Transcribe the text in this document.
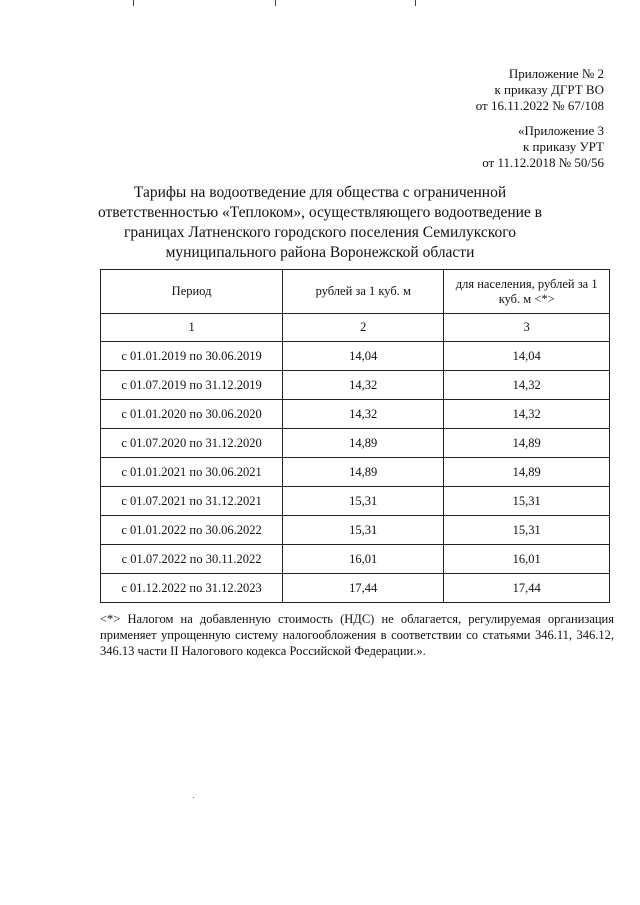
Приложение № 2
к приказу ДГРТ ВО
от 16.11.2022 № 67/108
«Приложение 3
к приказу УРТ
от 11.12.2018 № 50/56
Тарифы на водоотведение для общества с ограниченной ответственностью «Теплоком», осуществляющего водоотведение в границах Латненского городского поселения Семилукского муниципального района Воронежской области
Период	рублей за 1 куб. м	для населения, рублей за 1 куб. м <*>
1	2	3
с 01.01.2019 по 30.06.2019	14,04	14,04
с 01.07.2019 по 31.12.2019	14,32	14,32
с 01.01.2020 по 30.06.2020	14,32	14,32
с 01.07.2020 по 31.12.2020	14,89	14,89
с 01.01.2021 по 30.06.2021	14,89	14,89
с 01.07.2021 по 31.12.2021	15,31	15,31
с 01.01.2022 по 30.06.2022	15,31	15,31
с 01.07.2022 по 30.11.2022	16,01	16,01
с 01.12.2022 по 31.12.2023	17,44	17,44
<*> Налогом на добавленную стоимость (НДС) не облагается, регулируемая организация применяет упрощенную систему налогообложения в соответствии со статьями 346.11, 346.12, 346.13 части II Налогового кодекса Российской Федерации.».
